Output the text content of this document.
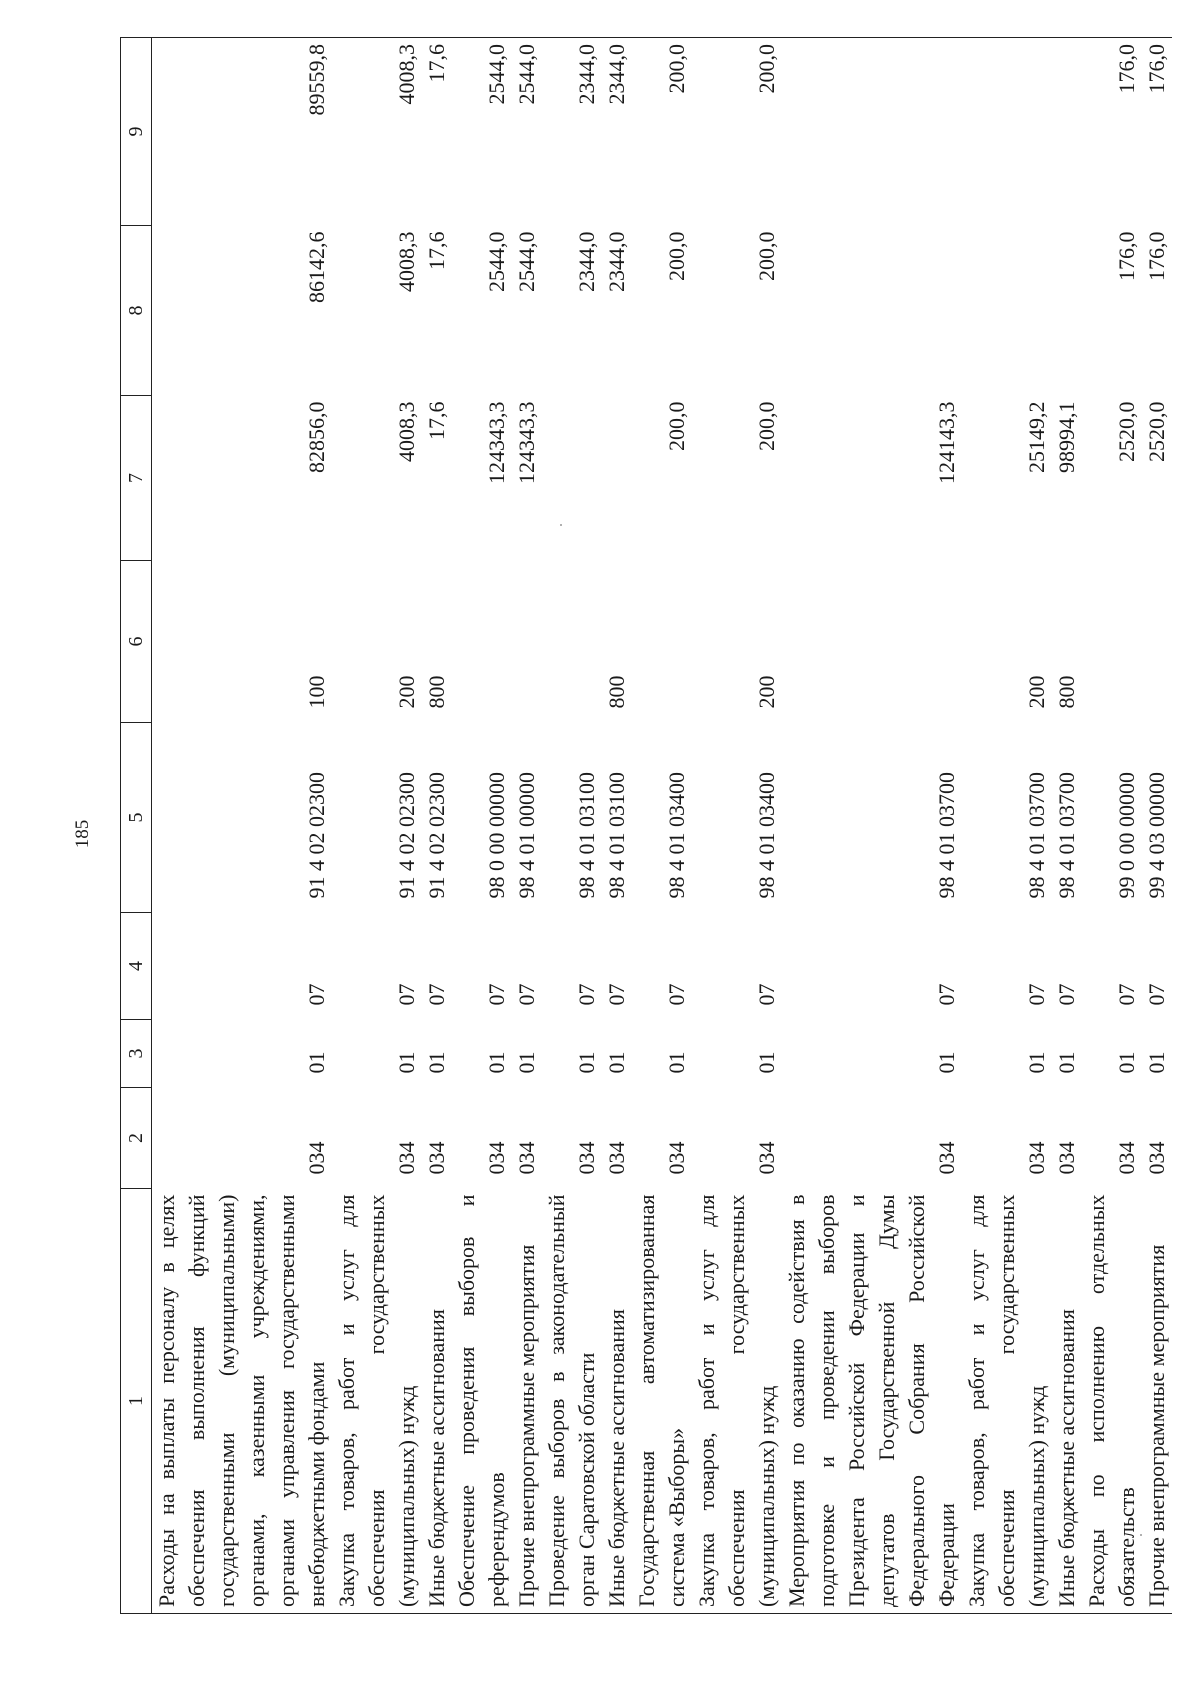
185
1	2	3	4	5	6	7	8	9
Расходы на выплаты персоналу в целях обеспечения выполнения функций государственными (муниципальными) органами, казенными учреждениями, органами управления государственными внебюджетными фондами	034	01	07	91 4 02 02300	100	82856,0	86142,6	89559,8
Закупка товаров, работ и услуг для обеспечения государственных (муниципальных) нужд	034	01	07	91 4 02 02300	200	4008,3	4008,3	4008,3
Иные бюджетные ассигнования	034	01	07	91 4 02 02300	800	17,6	17,6	17,6
Обеспечение проведения выборов и референдумов	034	01	07	98 0 00 00000		124343,3	2544,0	2544,0
Прочие внепрограммные мероприятия	034	01	07	98 4 01 00000		124343,3	2544,0	2544,0
Проведение выборов в законодательный орган Саратовской области	034	01	07	98 4 01 03100			2344,0	2344,0
Иные бюджетные ассигнования	034	01	07	98 4 01 03100	800		2344,0	2344,0
Государственная автоматизированная система «Выборы»	034	01	07	98 4 01 03400		200,0	200,0	200,0
Закупка товаров, работ и услуг для обеспечения государственных (муниципальных) нужд	034	01	07	98 4 01 03400	200	200,0	200,0	200,0
Мероприятия по оказанию содействия в подготовке и проведении выборов Президента Российской Федерации и депутатов Государственной Думы Федерального Собрания Российской Федерации	034	01	07	98 4 01 03700		124143,3		
Закупка товаров, работ и услуг для обеспечения государственных (муниципальных) нужд	034	01	07	98 4 01 03700	200	25149,2		
Иные бюджетные ассигнования	034	01	07	98 4 01 03700	800	98994,1		
Расходы по исполнению отдельных обязательств	034	01	07	99 0 00 00000		2520,0	176,0	176,0
Прочие внепрограммные мероприятия	034	01	07	99 4 03 00000		2520,0	176,0	176,0
